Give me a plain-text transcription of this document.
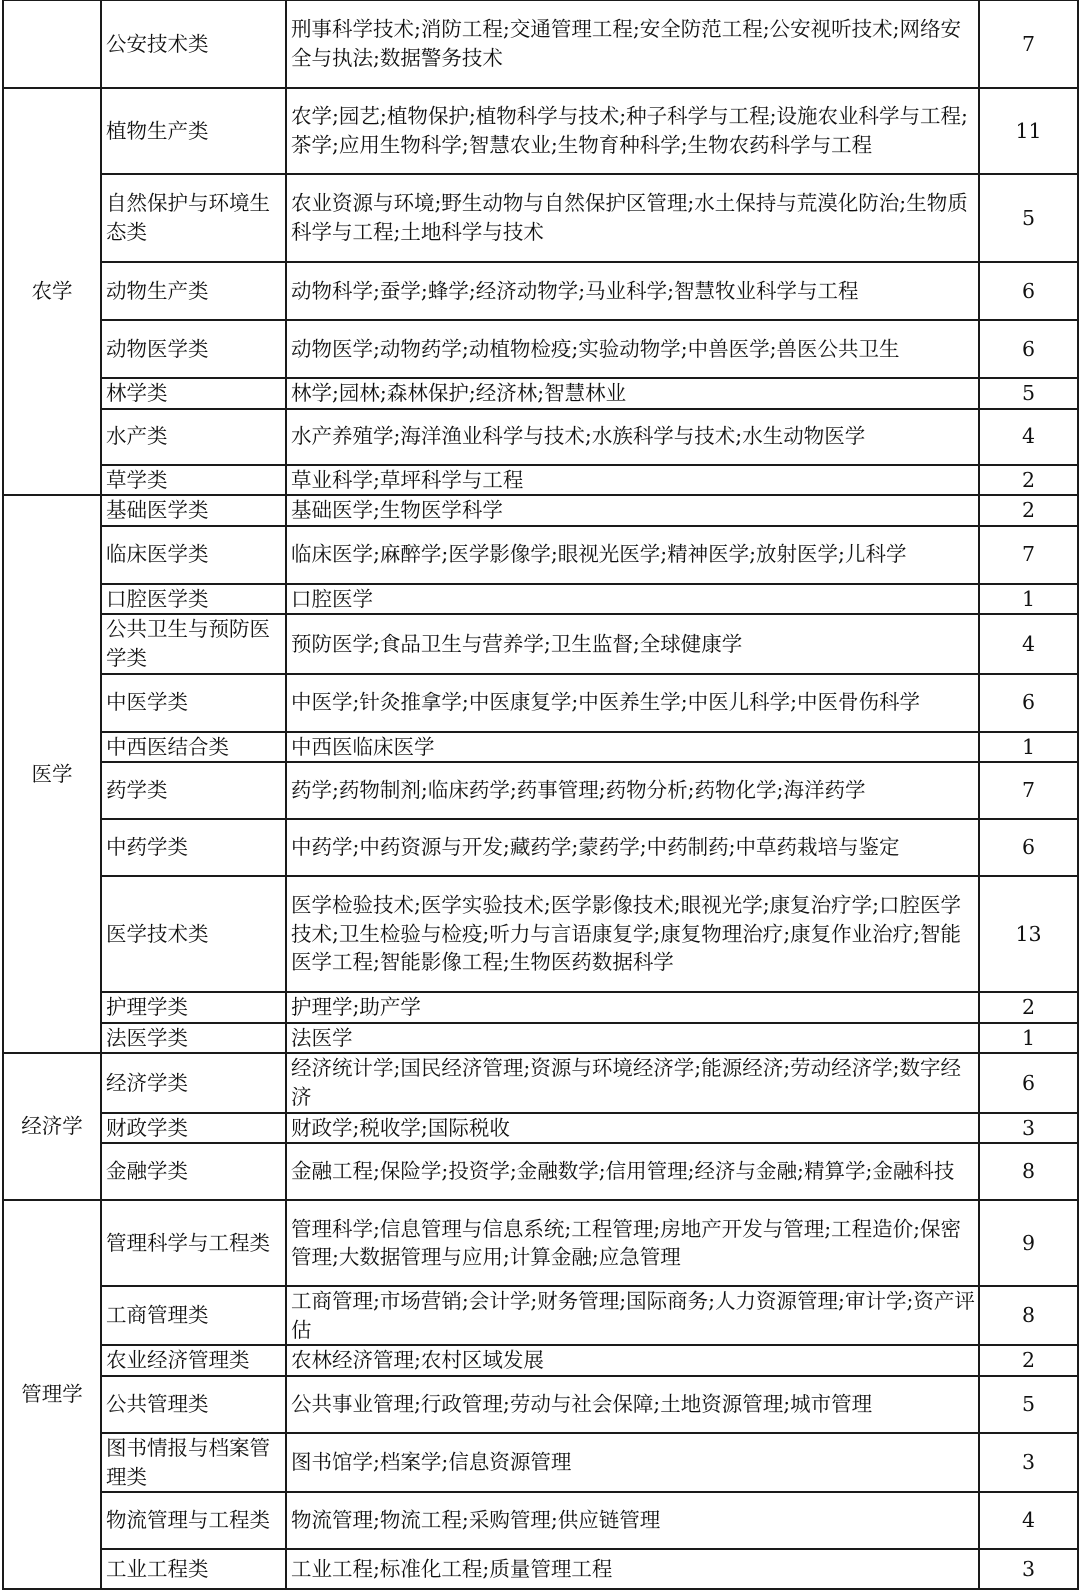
	公安技术类	刑事科学技术;消防工程;交通管理工程;安全防范工程;公安视听技术;网络安全与执法;数据警务技术	7
农学	植物生产类	农学;园艺;植物保护;植物科学与技术;种子科学与工程;设施农业科学与工程;茶学;应用生物科学;智慧农业;生物育种科学;生物农药科学与工程	11
	自然保护与环境生态类	农业资源与环境;野生动物与自然保护区管理;水土保持与荒漠化防治;生物质科学与工程;土地科学与技术	5
	动物生产类	动物科学;蚕学;蜂学;经济动物学;马业科学;智慧牧业科学与工程	6
	动物医学类	动物医学;动物药学;动植物检疫;实验动物学;中兽医学;兽医公共卫生	6
	林学类	林学;园林;森林保护;经济林;智慧林业	5
	水产类	水产养殖学;海洋渔业科学与技术;水族科学与技术;水生动物医学	4
	草学类	草业科学;草坪科学与工程	2
医学	基础医学类	基础医学;生物医学科学	2
	临床医学类	临床医学;麻醉学;医学影像学;眼视光医学;精神医学;放射医学;儿科学	7
	口腔医学类	口腔医学	1
	公共卫生与预防医学类	预防医学;食品卫生与营养学;卫生监督;全球健康学	4
	中医学类	中医学;针灸推拿学;中医康复学;中医养生学;中医儿科学;中医骨伤科学	6
	中西医结合类	中西医临床医学	1
	药学类	药学;药物制剂;临床药学;药事管理;药物分析;药物化学;海洋药学	7
	中药学类	中药学;中药资源与开发;藏药学;蒙药学;中药制药;中草药栽培与鉴定	6
	医学技术类	医学检验技术;医学实验技术;医学影像技术;眼视光学;康复治疗学;口腔医学技术;卫生检验与检疫;听力与言语康复学;康复物理治疗;康复作业治疗;智能医学工程;智能影像工程;生物医药数据科学	13
	护理学类	护理学;助产学	2
	法医学类	法医学	1
经济学	经济学类	经济统计学;国民经济管理;资源与环境经济学;能源经济;劳动经济学;数字经济	6
	财政学类	财政学;税收学;国际税收	3
	金融学类	金融工程;保险学;投资学;金融数学;信用管理;经济与金融;精算学;金融科技	8
管理学	管理科学与工程类	管理科学;信息管理与信息系统;工程管理;房地产开发与管理;工程造价;保密管理;大数据管理与应用;计算金融;应急管理	9
	工商管理类	工商管理;市场营销;会计学;财务管理;国际商务;人力资源管理;审计学;资产评估	8
	农业经济管理类	农林经济管理;农村区域发展	2
	公共管理类	公共事业管理;行政管理;劳动与社会保障;土地资源管理;城市管理	5
	图书情报与档案管理类	图书馆学;档案学;信息资源管理	3
	物流管理与工程类	物流管理;物流工程;采购管理;供应链管理	4
	工业工程类	工业工程;标准化工程;质量管理工程	3
